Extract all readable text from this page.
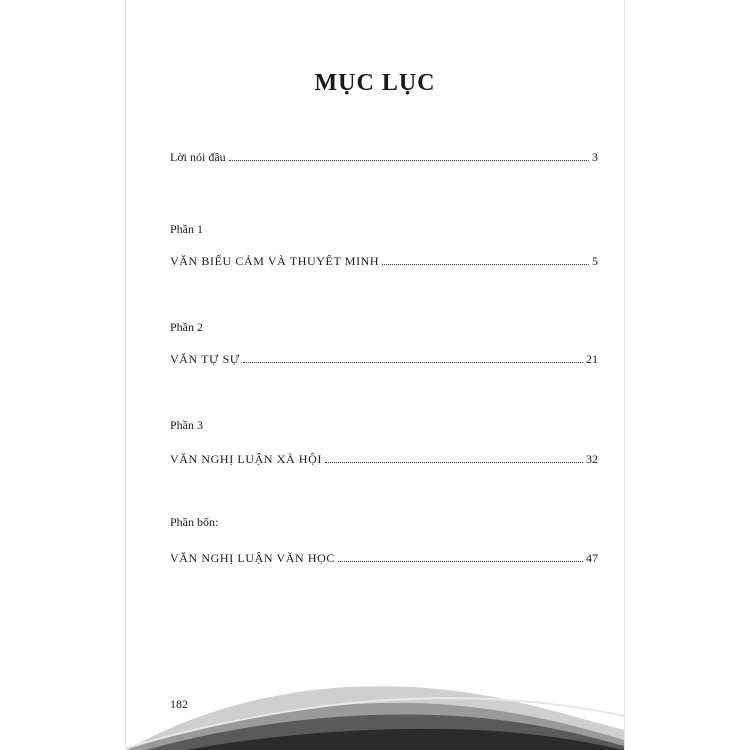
MỤC LỤC
Lời nói đầu	3
Phần 1
VĂN BIỂU CẢM VÀ THUYẾT MINH	5
Phần 2
VĂN TỰ SỰ	21
Phần 3
VĂN NGHỊ LUẬN XÃ HỘI	32
Phần bốn:
VĂN NGHỊ LUẬN VĂN HỌC	47
182
